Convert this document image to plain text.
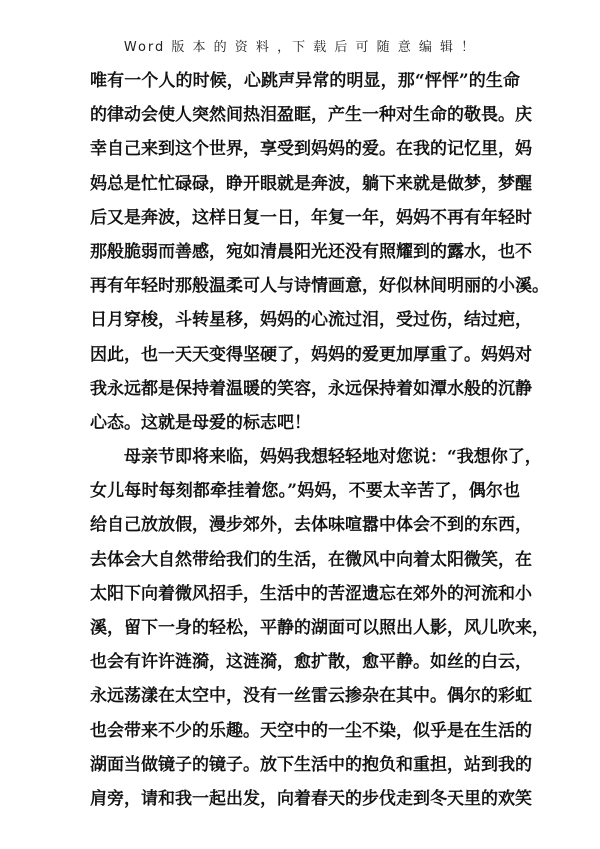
Word 版 本 的 资 料 ，下 载 后 可 随 意 编 辑 ！
唯有一个人的时候，心跳声异常的明显，那“怦怦”的生命
的律动会使人突然间热泪盈眶，产生一种对生命的敬畏。庆
幸自己来到这个世界，享受到妈妈的爱。在我的记忆里，妈
妈总是忙忙碌碌，睁开眼就是奔波，躺下来就是做梦，梦醒
后又是奔波，这样日复一日，年复一年，妈妈不再有年轻时
那般脆弱而善感，宛如清晨阳光还没有照耀到的露水，也不
再有年轻时那般温柔可人与诗情画意，好似林间明丽的小溪。
日月穿梭，斗转星移，妈妈的心流过泪，受过伤，结过疤，
因此，也一天天变得坚硬了，妈妈的爱更加厚重了。妈妈对
我永远都是保持着温暖的笑容，永远保持着如潭水般的沉静
心态。这就是母爱的标志吧！
母亲节即将来临，妈妈我想轻轻地对您说：“我想你了，
女儿每时每刻都牵挂着您。”妈妈，不要太辛苦了，偶尔也
给自己放放假，漫步郊外，去体味喧嚣中体会不到的东西，
去体会大自然带给我们的生活，在微风中向着太阳微笑，在
太阳下向着微风招手，生活中的苦涩遗忘在郊外的河流和小
溪，留下一身的轻松，平静的湖面可以照出人影，风儿吹来，
也会有许许涟漪，这涟漪，愈扩散，愈平静。如丝的白云，
永远荡漾在太空中，没有一丝雷云掺杂在其中。偶尔的彩虹
也会带来不少的乐趣。天空中的一尘不染，似乎是在生活的
湖面当做镜子的镜子。放下生活中的抱负和重担，站到我的
肩旁，请和我一起出发，向着春天的步伐走到冬天里的欢笑
